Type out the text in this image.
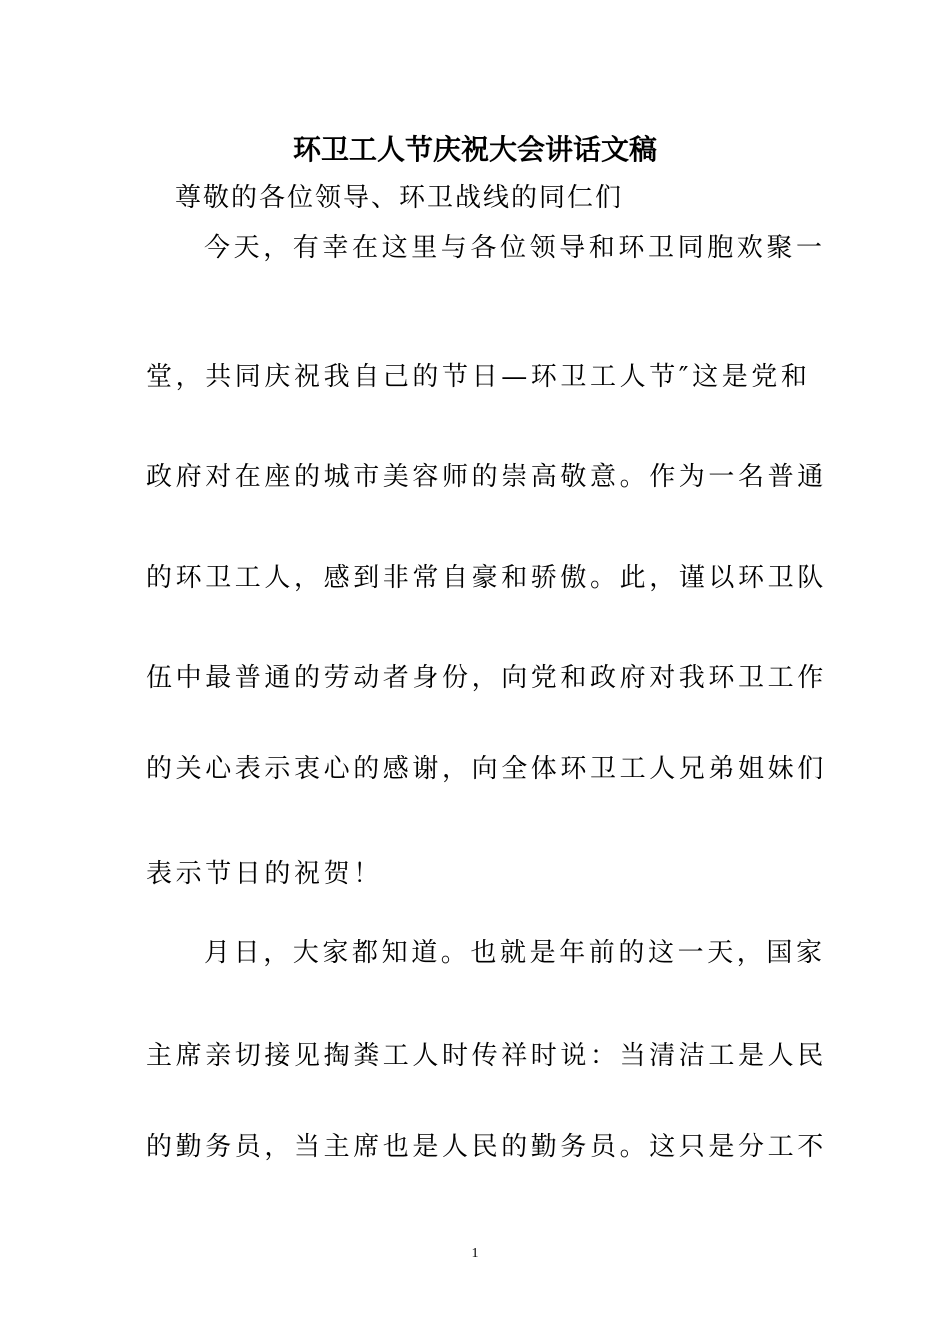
环卫工人节庆祝大会讲话文稿
尊敬的各位领导、环卫战线的同仁们
今天，有幸在这里与各位领导和环卫同胞欢聚一
堂，共同庆祝我自己的节日—环卫工人节″这是党和
政府对在座的城市美容师的崇高敬意。作为一名普通
的环卫工人，感到非常自豪和骄傲。此，谨以环卫队
伍中最普通的劳动者身份，向党和政府对我环卫工作
的关心表示衷心的感谢，向全体环卫工人兄弟姐妹们
表示节日的祝贺！
月日，大家都知道。也就是年前的这一天，国家
主席亲切接见掏粪工人时传祥时说：当清洁工是人民
的勤务员，当主席也是人民的勤务员。这只是分工不
1
